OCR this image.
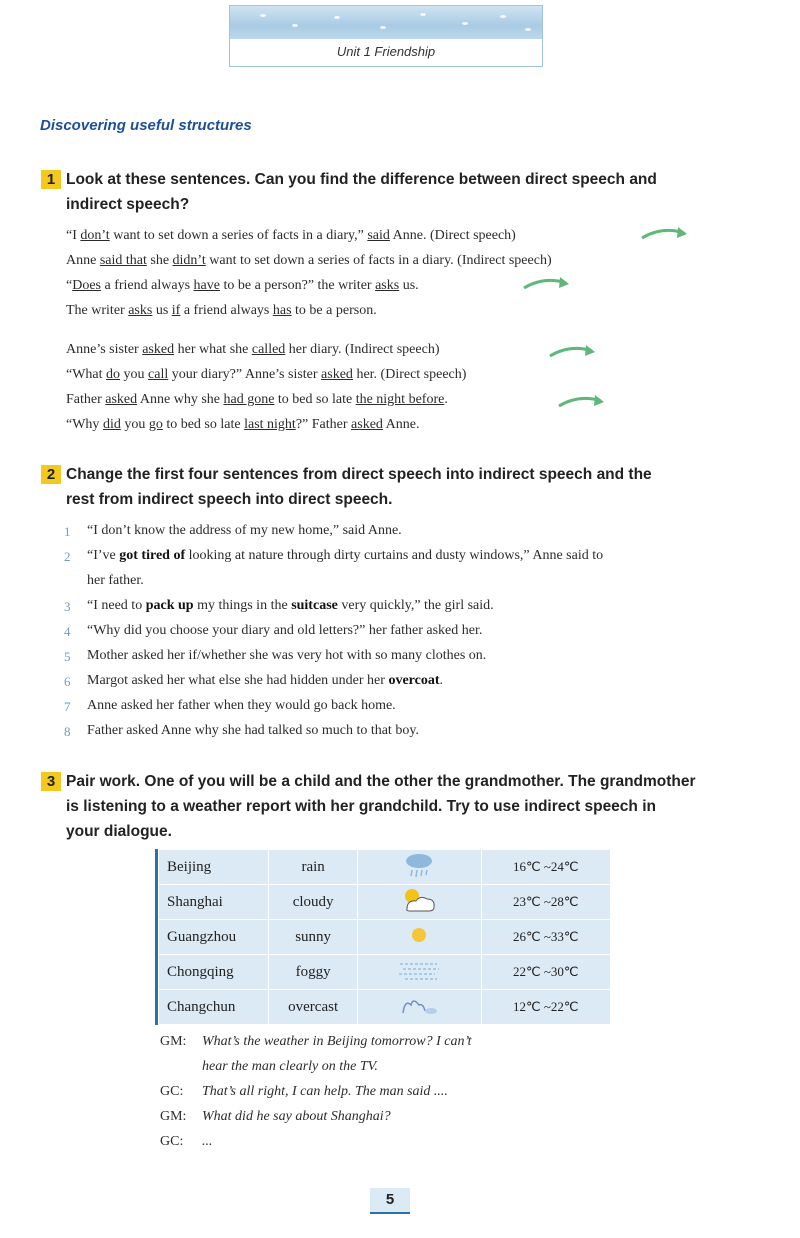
Unit 1 Friendship
Discovering useful structures
1 Look at these sentences. Can you find the difference between direct speech and
indirect speech?
“I don’t want to set down a series of facts in a diary,” said Anne. (Direct speech)
Anne said that she didn’t want to set down a series of facts in a diary. (Indirect speech)
“Does a friend always have to be a person?” the writer asks us.
The writer asks us if a friend always has to be a person.
Anne’s sister asked her what she called her diary. (Indirect speech)
“What do you call your diary?” Anne’s sister asked her. (Direct speech)
Father asked Anne why she had gone to bed so late the night before.
“Why did you go to bed so late last night?” Father asked Anne.
2 Change the first four sentences from direct speech into indirect speech and the
rest from indirect speech into direct speech.
1 “I don’t know the address of my new home,” said Anne.
2 “I’ve got tired of looking at nature through dirty curtains and dusty windows,” Anne said to
her father.
3 “I need to pack up my things in the suitcase very quickly,” the girl said.
4 “Why did you choose your diary and old letters?” her father asked her.
5 Mother asked her if/whether she was very hot with so many clothes on.
6 Margot asked her what else she had hidden under her overcoat.
7 Anne asked her father when they would go back home.
8 Father asked Anne why she had talked so much to that boy.
3 Pair work. One of you will be a child and the other the grandmother. The grandmother
is listening to a weather report with her grandchild. Try to use indirect speech in
your dialogue.
Beijing	rain		16℃ ~24℃
Shanghai	cloudy		23℃ ~28℃
Guangzhou	sunny		26℃ ~33℃
Chongqing	foggy		22℃ ~30℃
Changchun	overcast		12℃ ~22℃
GM: What’s the weather in Beijing tomorrow? I can’t
hear the man clearly on the TV.
GC: That’s all right, I can help. The man said ....
GM: What did he say about Shanghai?
GC: ...
5
